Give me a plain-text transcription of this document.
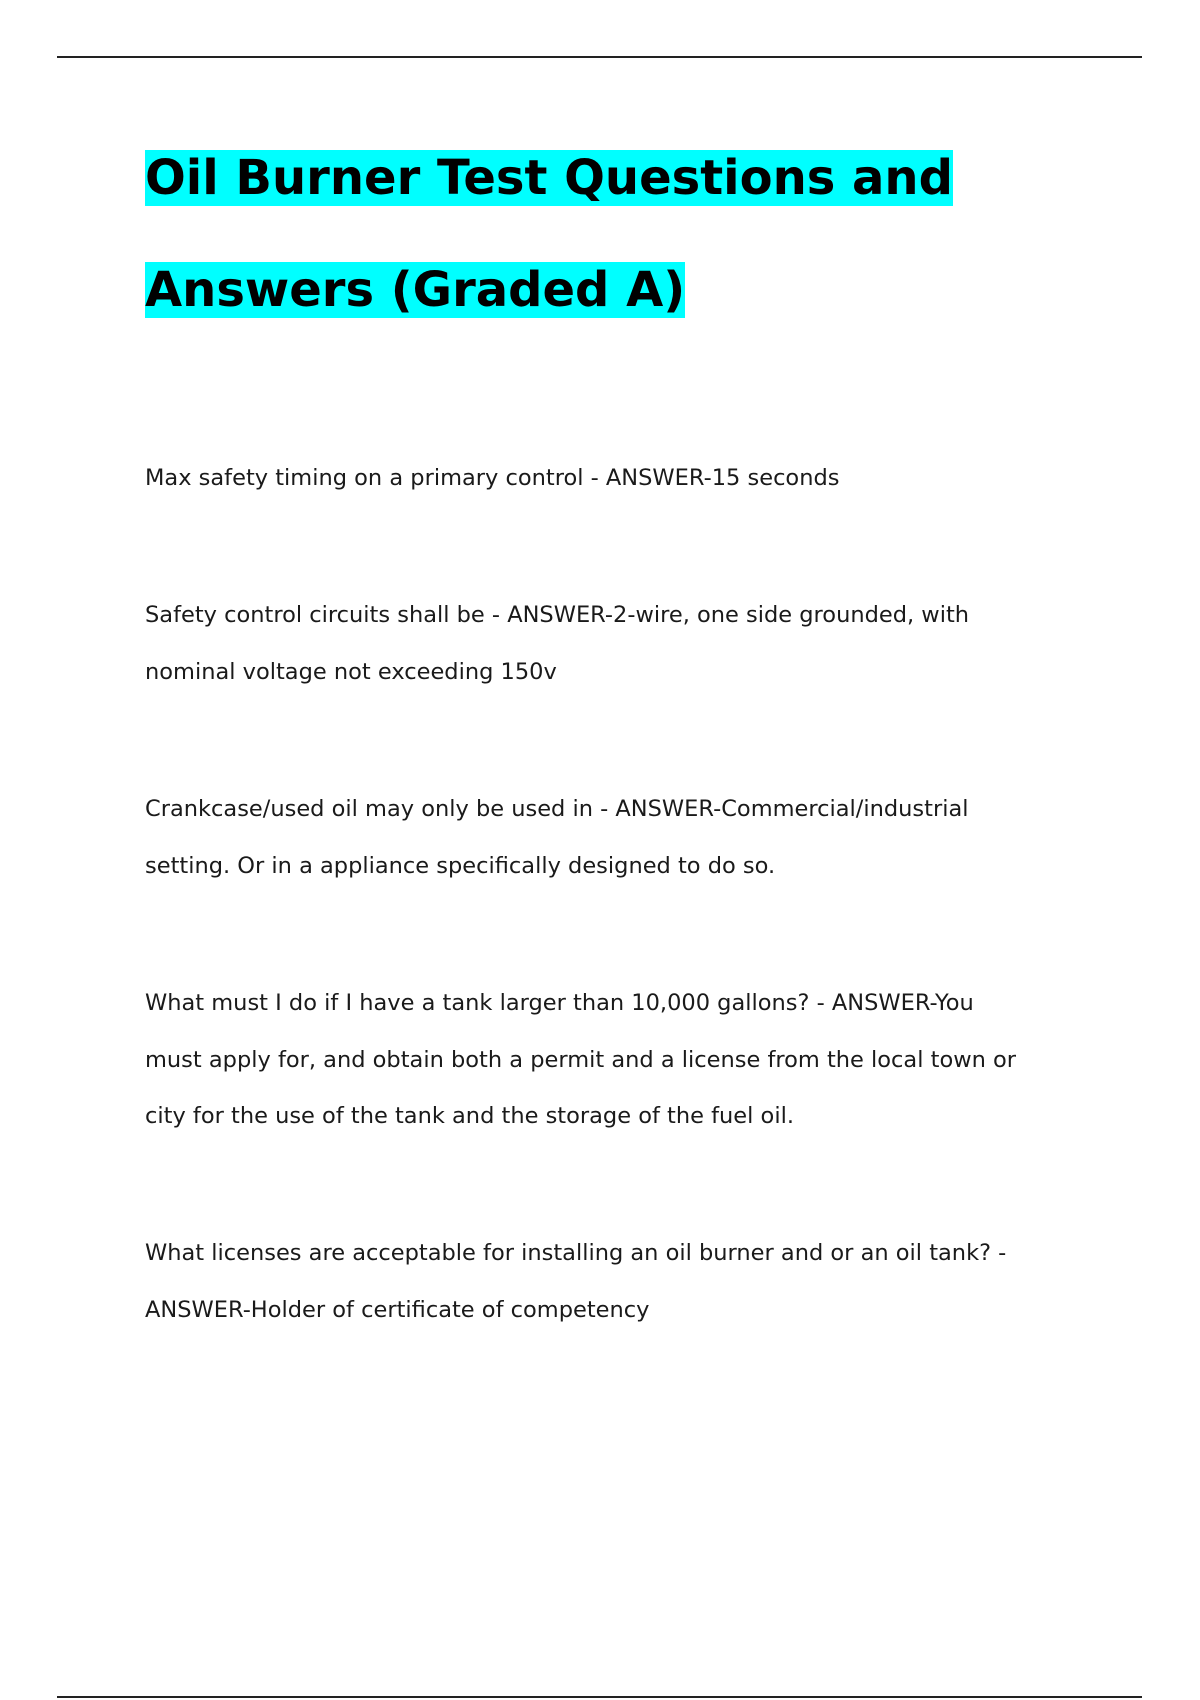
Oil Burner Test Questions and
Answers (Graded A)

Max safety timing on a primary control - ANSWER-15 seconds

Safety control circuits shall be - ANSWER-2-wire, one side grounded, with
nominal voltage not exceeding 150v

Crankcase/used oil may only be used in - ANSWER-Commercial/industrial
setting. Or in a appliance specifically designed to do so.

What must I do if I have a tank larger than 10,000 gallons? - ANSWER-You
must apply for, and obtain both a permit and a license from the local town or
city for the use of the tank and the storage of the fuel oil.

What licenses are acceptable for installing an oil burner and or an oil tank? -
ANSWER-Holder of certificate of competency
